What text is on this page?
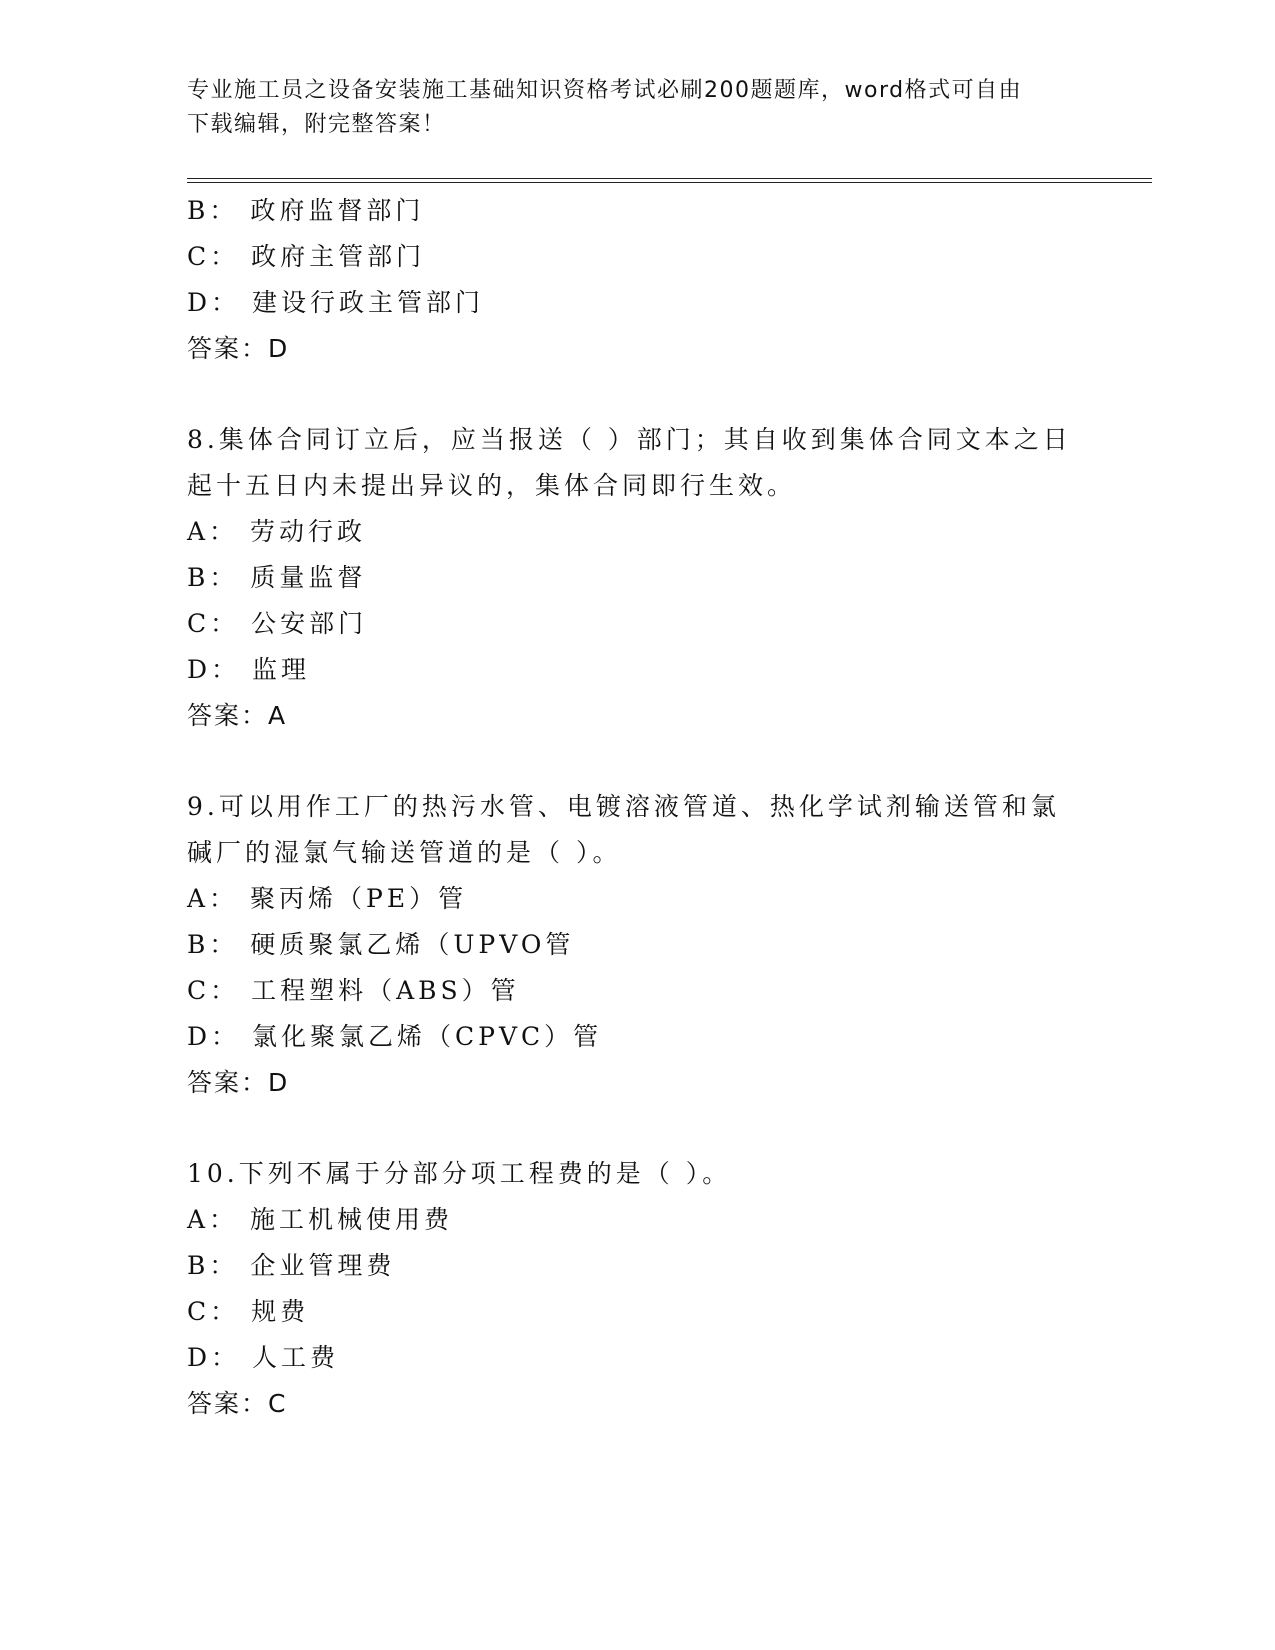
专业施工员之设备安装施工基础知识资格考试必刷200题题库，word格式可自由
下载编辑，附完整答案！
B： 政府监督部门
C： 政府主管部门
D： 建设行政主管部门
答案：D
8.集体合同订立后，应当报送（ ）部门；其自收到集体合同文本之日
起十五日内未提出异议的，集体合同即行生效。
A： 劳动行政
B： 质量监督
C： 公安部门
D： 监理
答案：A
9.可以用作工厂的热污水管、电镀溶液管道、热化学试剂输送管和氯
碱厂的湿氯气输送管道的是（ ）。
A： 聚丙烯（PE）管
B： 硬质聚氯乙烯（UPVO管
C： 工程塑料（ABS）管
D： 氯化聚氯乙烯（CPVC）管
答案：D
10.下列不属于分部分项工程费的是（ ）。
A： 施工机械使用费
B： 企业管理费
C： 规费
D： 人工费
答案：C
